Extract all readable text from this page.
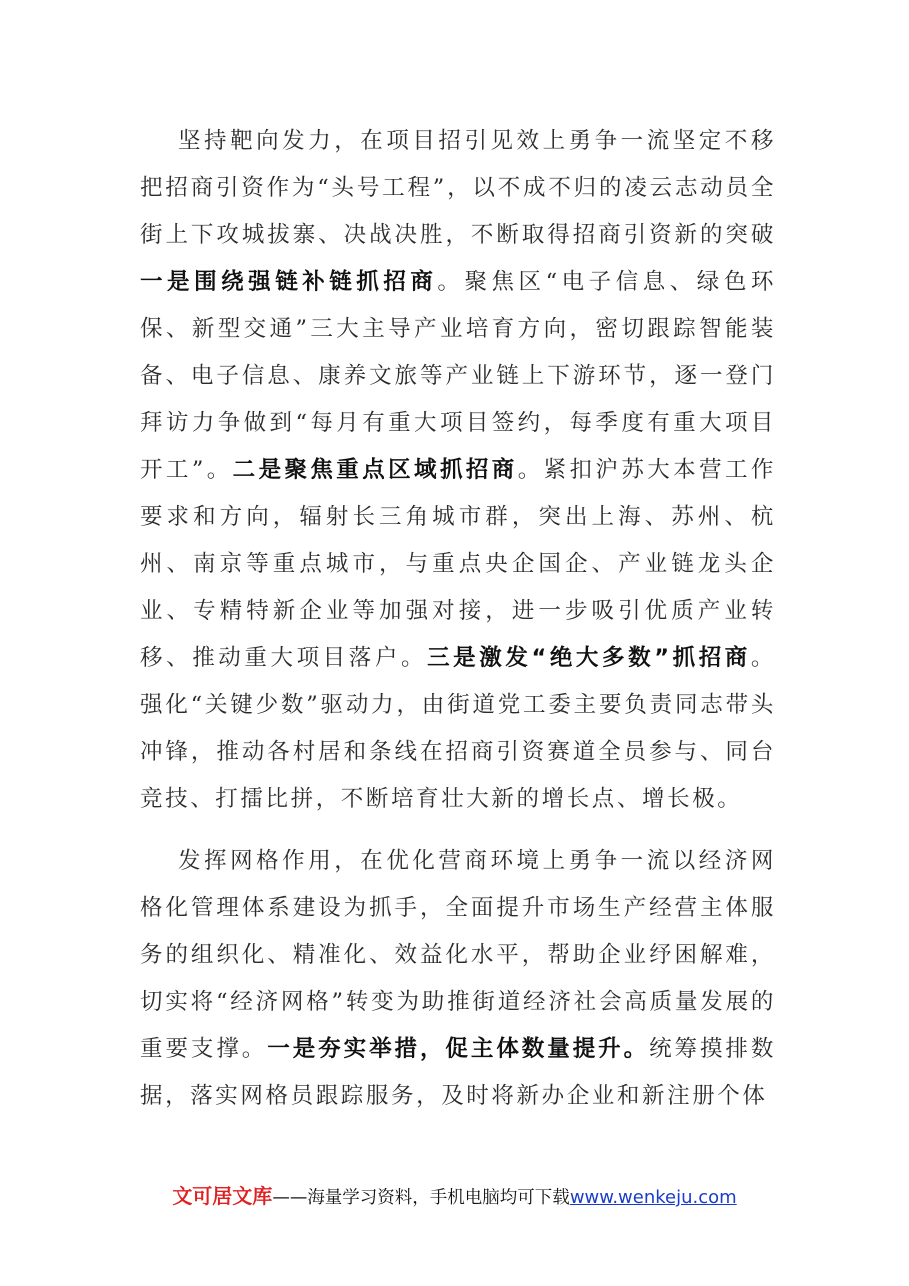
坚持靶向发力，在项目招引见效上勇争一流坚定不移把招商引资作为“头号工程”，以不成不归的凌云志动员全街上下攻城拔寨、决战决胜，不断取得招商引资新的突破一是围绕强链补链抓招商。聚焦区“电子信息、绿色环保、新型交通”三大主导产业培育方向，密切跟踪智能装备、电子信息、康养文旅等产业链上下游环节，逐一登门拜访力争做到“每月有重大项目签约，每季度有重大项目开工”。二是聚焦重点区域抓招商。紧扣沪苏大本营工作要求和方向，辐射长三角城市群，突出上海、苏州、杭州、南京等重点城市，与重点央企国企、产业链龙头企业、专精特新企业等加强对接，进一步吸引优质产业转移、推动重大项目落户。三是激发“绝大多数”抓招商。强化“关键少数”驱动力，由街道党工委主要负责同志带头冲锋，推动各村居和条线在招商引资赛道全员参与、同台竞技、打擂比拼，不断培育壮大新的增长点、增长极。

发挥网格作用，在优化营商环境上勇争一流以经济网格化管理体系建设为抓手，全面提升市场生产经营主体服务的组织化、精准化、效益化水平，帮助企业纾困解难，切实将“经济网格”转变为助推街道经济社会高质量发展的重要支撑。一是夯实举措，促主体数量提升。统筹摸排数据，落实网格员跟踪服务，及时将新办企业和新注册个体

文可居文库——海量学习资料，手机电脑均可下载www.wenkeju.com
